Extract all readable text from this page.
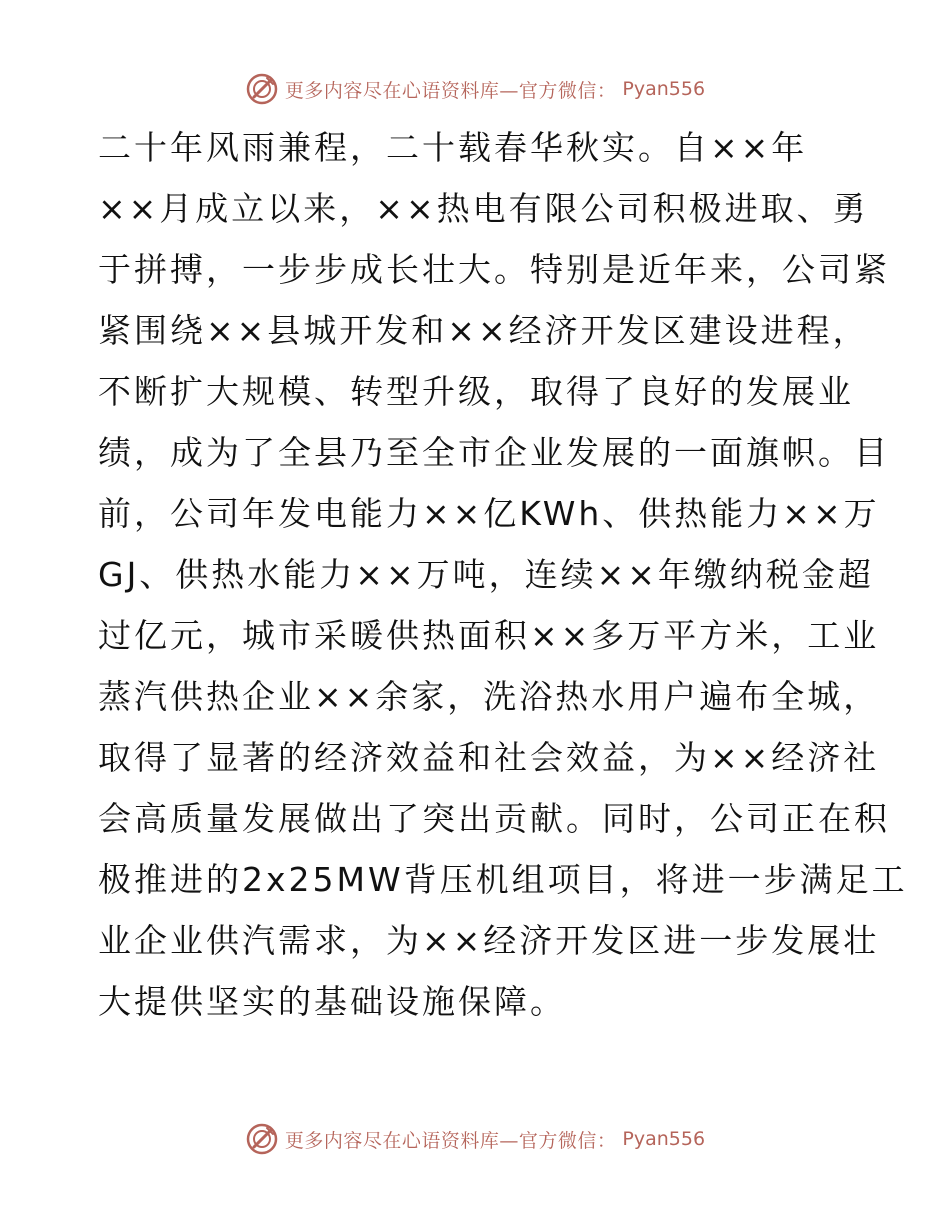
更多内容尽在心语资料库—官方微信： Pyan556
二十年风雨兼程，二十载春华秋实。自××年
××月成立以来，××热电有限公司积极进取、勇
于拼搏，一步步成长壮大。特别是近年来，公司紧
紧围绕××县城开发和××经济开发区建设进程，
不断扩大规模、转型升级，取得了良好的发展业
绩，成为了全县乃至全市企业发展的一面旗帜。目
前，公司年发电能力××亿KWh、供热能力××万
GJ、供热水能力××万吨，连续××年缴纳税金超
过亿元，城市采暖供热面积××多万平方米，工业
蒸汽供热企业××余家，洗浴热水用户遍布全城，
取得了显著的经济效益和社会效益，为××经济社
会高质量发展做出了突出贡献。同时，公司正在积
极推进的2x25MW背压机组项目，将进一步满足工
业企业供汽需求，为××经济开发区进一步发展壮
大提供坚实的基础设施保障。
更多内容尽在心语资料库—官方微信： Pyan556
